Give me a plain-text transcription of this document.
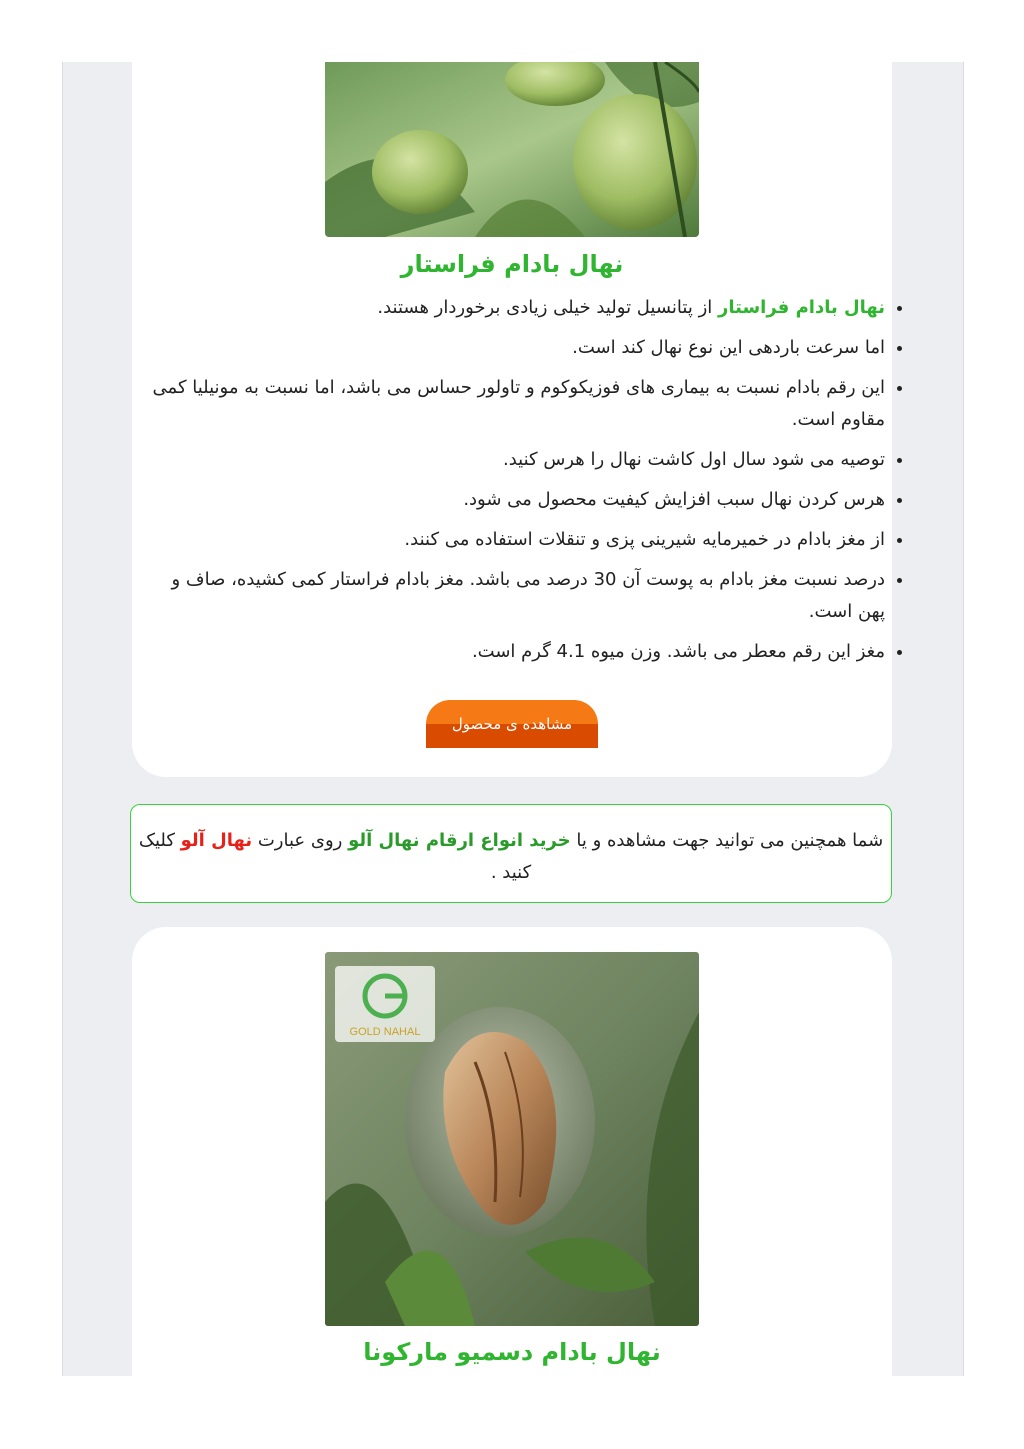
نهال بادام فراستار
• نهال بادام فراستار از پتانسیل تولید خیلی زیادی برخوردار هستند.
• اما سرعت باردهی این نوع نهال کند است.
• این رقم بادام نسبت به بیماری های فوزیکوکوم و تاولور حساس می باشد، اما نسبت به مونیلیا کمی مقاوم است.
• توصیه می شود سال اول کاشت نهال را هرس کنید.
• هرس کردن نهال سبب افزایش کیفیت محصول می شود.
• از مغز بادام در خمیرمایه شیرینی پزی و تنقلات استفاده می کنند.
• درصد نسبت مغز بادام به پوست آن 30 درصد می باشد. مغز بادام فراستار کمی کشیده، صاف و پهن است.
• مغز این رقم معطر می باشد. وزن میوه 4.1 گرم است.
مشاهده ی محصول
شما همچنین می توانید جهت مشاهده و یا خرید انواع ارقام نهال آلو روی عبارت نهال آلو کلیک کنید .
GOLD NAHAL
نهال بادام دسمیو مارکونا
